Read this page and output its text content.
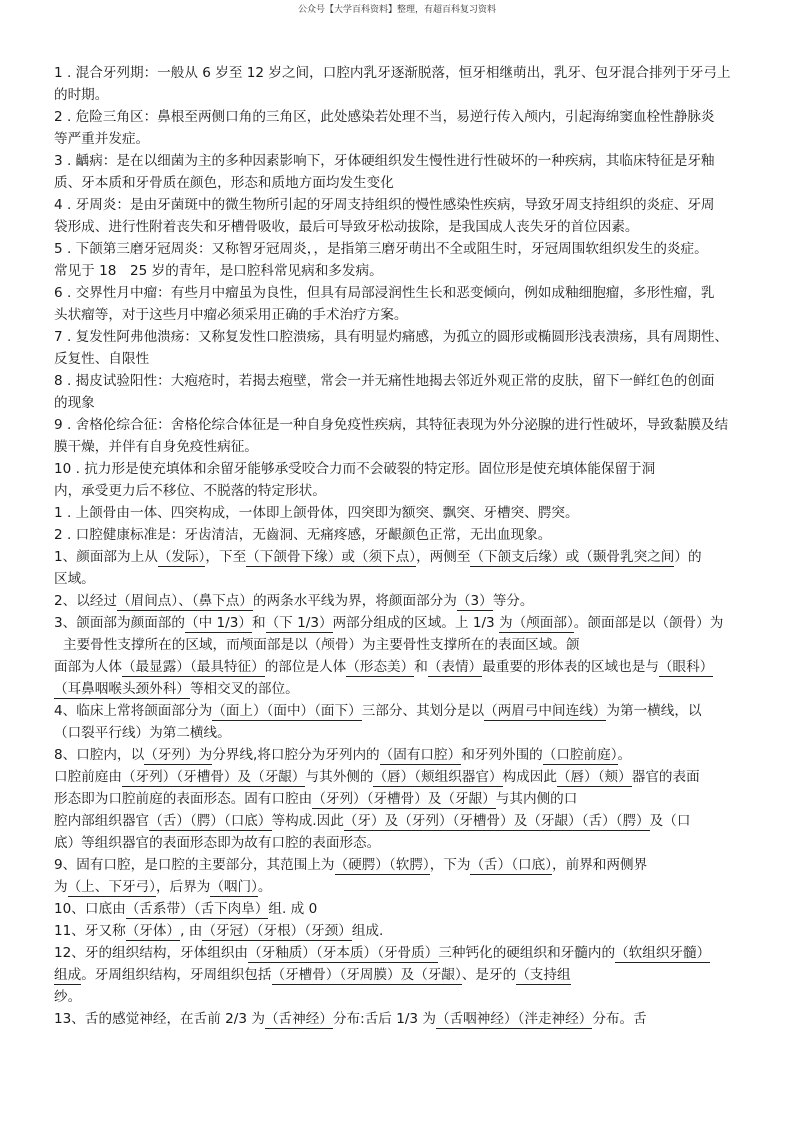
公众号【大学百科资料】整理，有超百科复习资料
1 . 混合牙列期：一般从 6 岁至 12 岁之间，口腔内乳牙逐渐脱落，恒牙相继萌出，乳牙、包牙混合排列于牙弓上
的时期。
2 . 危险三角区：鼻根至两侧口角的三角区，此处感染若处理不当，易逆行传入颅内，引起海绵窦血栓性静脉炎
等严重并发症。
3 . 齲病：是在以细菌为主的多种因素影响下，牙体硬组织发生慢性进行性破坏的一种疾病，其临床特征是牙釉
质、牙本质和牙骨质在颜色，形态和质地方面均发生变化
4 . 牙周炎：是由牙菌斑中的微生物所引起的牙周支持组织的慢性感染性疾病，导致牙周支持组织的炎症、牙周
袋形成、进行性附着丧失和牙槽骨吸收，最后可导致牙松动拔除，是我国成人丧失牙的首位因素。
5 . 下颌第三磨牙冠周炎：又称智牙冠周炎，，是指第三磨牙萌出不全或阻生时，牙冠周围软组织发生的炎症。
常见于 18　25 岁的青年，是口腔科常见病和多发病。
6 . 交界性月中瘤：有些月中瘤虽为良性，但具有局部浸润性生长和恶变倾向，例如成釉细胞瘤，多形性瘤，乳
头状瘤等，对于这些月中瘤必须采用正确的手术治疗方案。
7 . 复发性阿弗他溃疡：又称复发性口腔溃疡，具有明显灼痛感，为孤立的圆形或椭圆形浅表溃疡，具有周期性、
反复性、自限性
8 . 揭皮试验阳性：大疱疮时，若揭去疱壁，常会一并无痛性地揭去邻近外观正常的皮肤，留下一鲜红色的创面
的现象
9 . 舍格伦综合征：舍格伦综合体征是一种自身免疫性疾病，其特征表现为外分泌腺的进行性破坏，导致黏膜及结
膜干燥，并伴有自身免疫性病征。
10 . 抗力形是使充填体和余留牙能够承受咬合力而不会破裂的特定形。固位形是使充填体能保留于洞
内，承受更力后不移位、不脱落的特定形状。
1 . 上颌骨由一体、四突构成，一体即上颌骨体，四突即为额突、飘突、牙槽突、腭突。
2 . 口腔健康标准是：牙齿清洁，无齒洞、无痛疼感，牙齦颜色正常，无出血现象。
1、颜面部为上从（发际），下至（下颌骨下缘）或（须下点），两侧至（下颌支后缘）或（颞骨乳突之间）的
区域。
2、以经过（眉间点）、（鼻下点）的两条水平线为界，将颜面部分为（3）等分。
3、颌面部为颜面部的（中 1/3）和（下 1/3）两部分组成的区域。上 1/3 为（颅面部）。颌面部是以（颌骨）为
主要骨性支撑所在的区域，而颅面部是以（颅骨）为主要骨性支撑所在的表面区域。颌
面部为人体（最显露）（最具特征）的部位是人体（形态美）和（表情）最重要的形体表的区域也是与（眼科）
（耳鼻咽喉头颈外科）等相交叉的部位。
4、临床上常将颌面部分为（面上）（面中）（面下）三部分、其划分是以（两眉弓中间连线）为第一横线，以
（口裂平行线）为第二横线。
8、口腔内，以（牙列）为分界线,将口腔分为牙列内的（固有口腔）和牙列外围的（口腔前庭）。
口腔前庭由（牙列）（牙槽骨）及（牙龈）与其外侧的（唇）（颊组织器官）构成因此（唇）（颊）器官的表面
形态即为口腔前庭的表面形态。固有口腔由（牙列）（牙槽骨）及（牙龈）与其内侧的口
腔内部组织器官（舌）（腭）（口底）等构成.因此（牙）及（牙列）（牙槽骨）及（牙龈）（舌）（腭）及（口
底）等组织器官的表面形态即为故有口腔的表面形态。
9、固有口腔，是口腔的主要部分，其范围上为（硬腭）（软腭），下为（舌）（口底），前界和两侧界
为（上、下牙弓），后界为（咽门）。
10、口底由（舌系带）（舌下肉阜）组. 成 0
11、牙又称（牙体）, 由（牙冠）（牙根）（牙颈）组成.
12、牙的组织结构，牙体组织由（牙釉质）（牙本质）（牙骨质）三种钙化的硬组织和牙髓内的（软组织牙髓）
组成。牙周组织结构，牙周组织包括（牙槽骨）（牙周膜）及（牙龈）、是牙的（支持组
纱。
13、舌的感觉神经，在舌前 2/3 为（舌神经）分布:舌后 1/3 为（舌咽神经）（泮走神经）分布。舌
